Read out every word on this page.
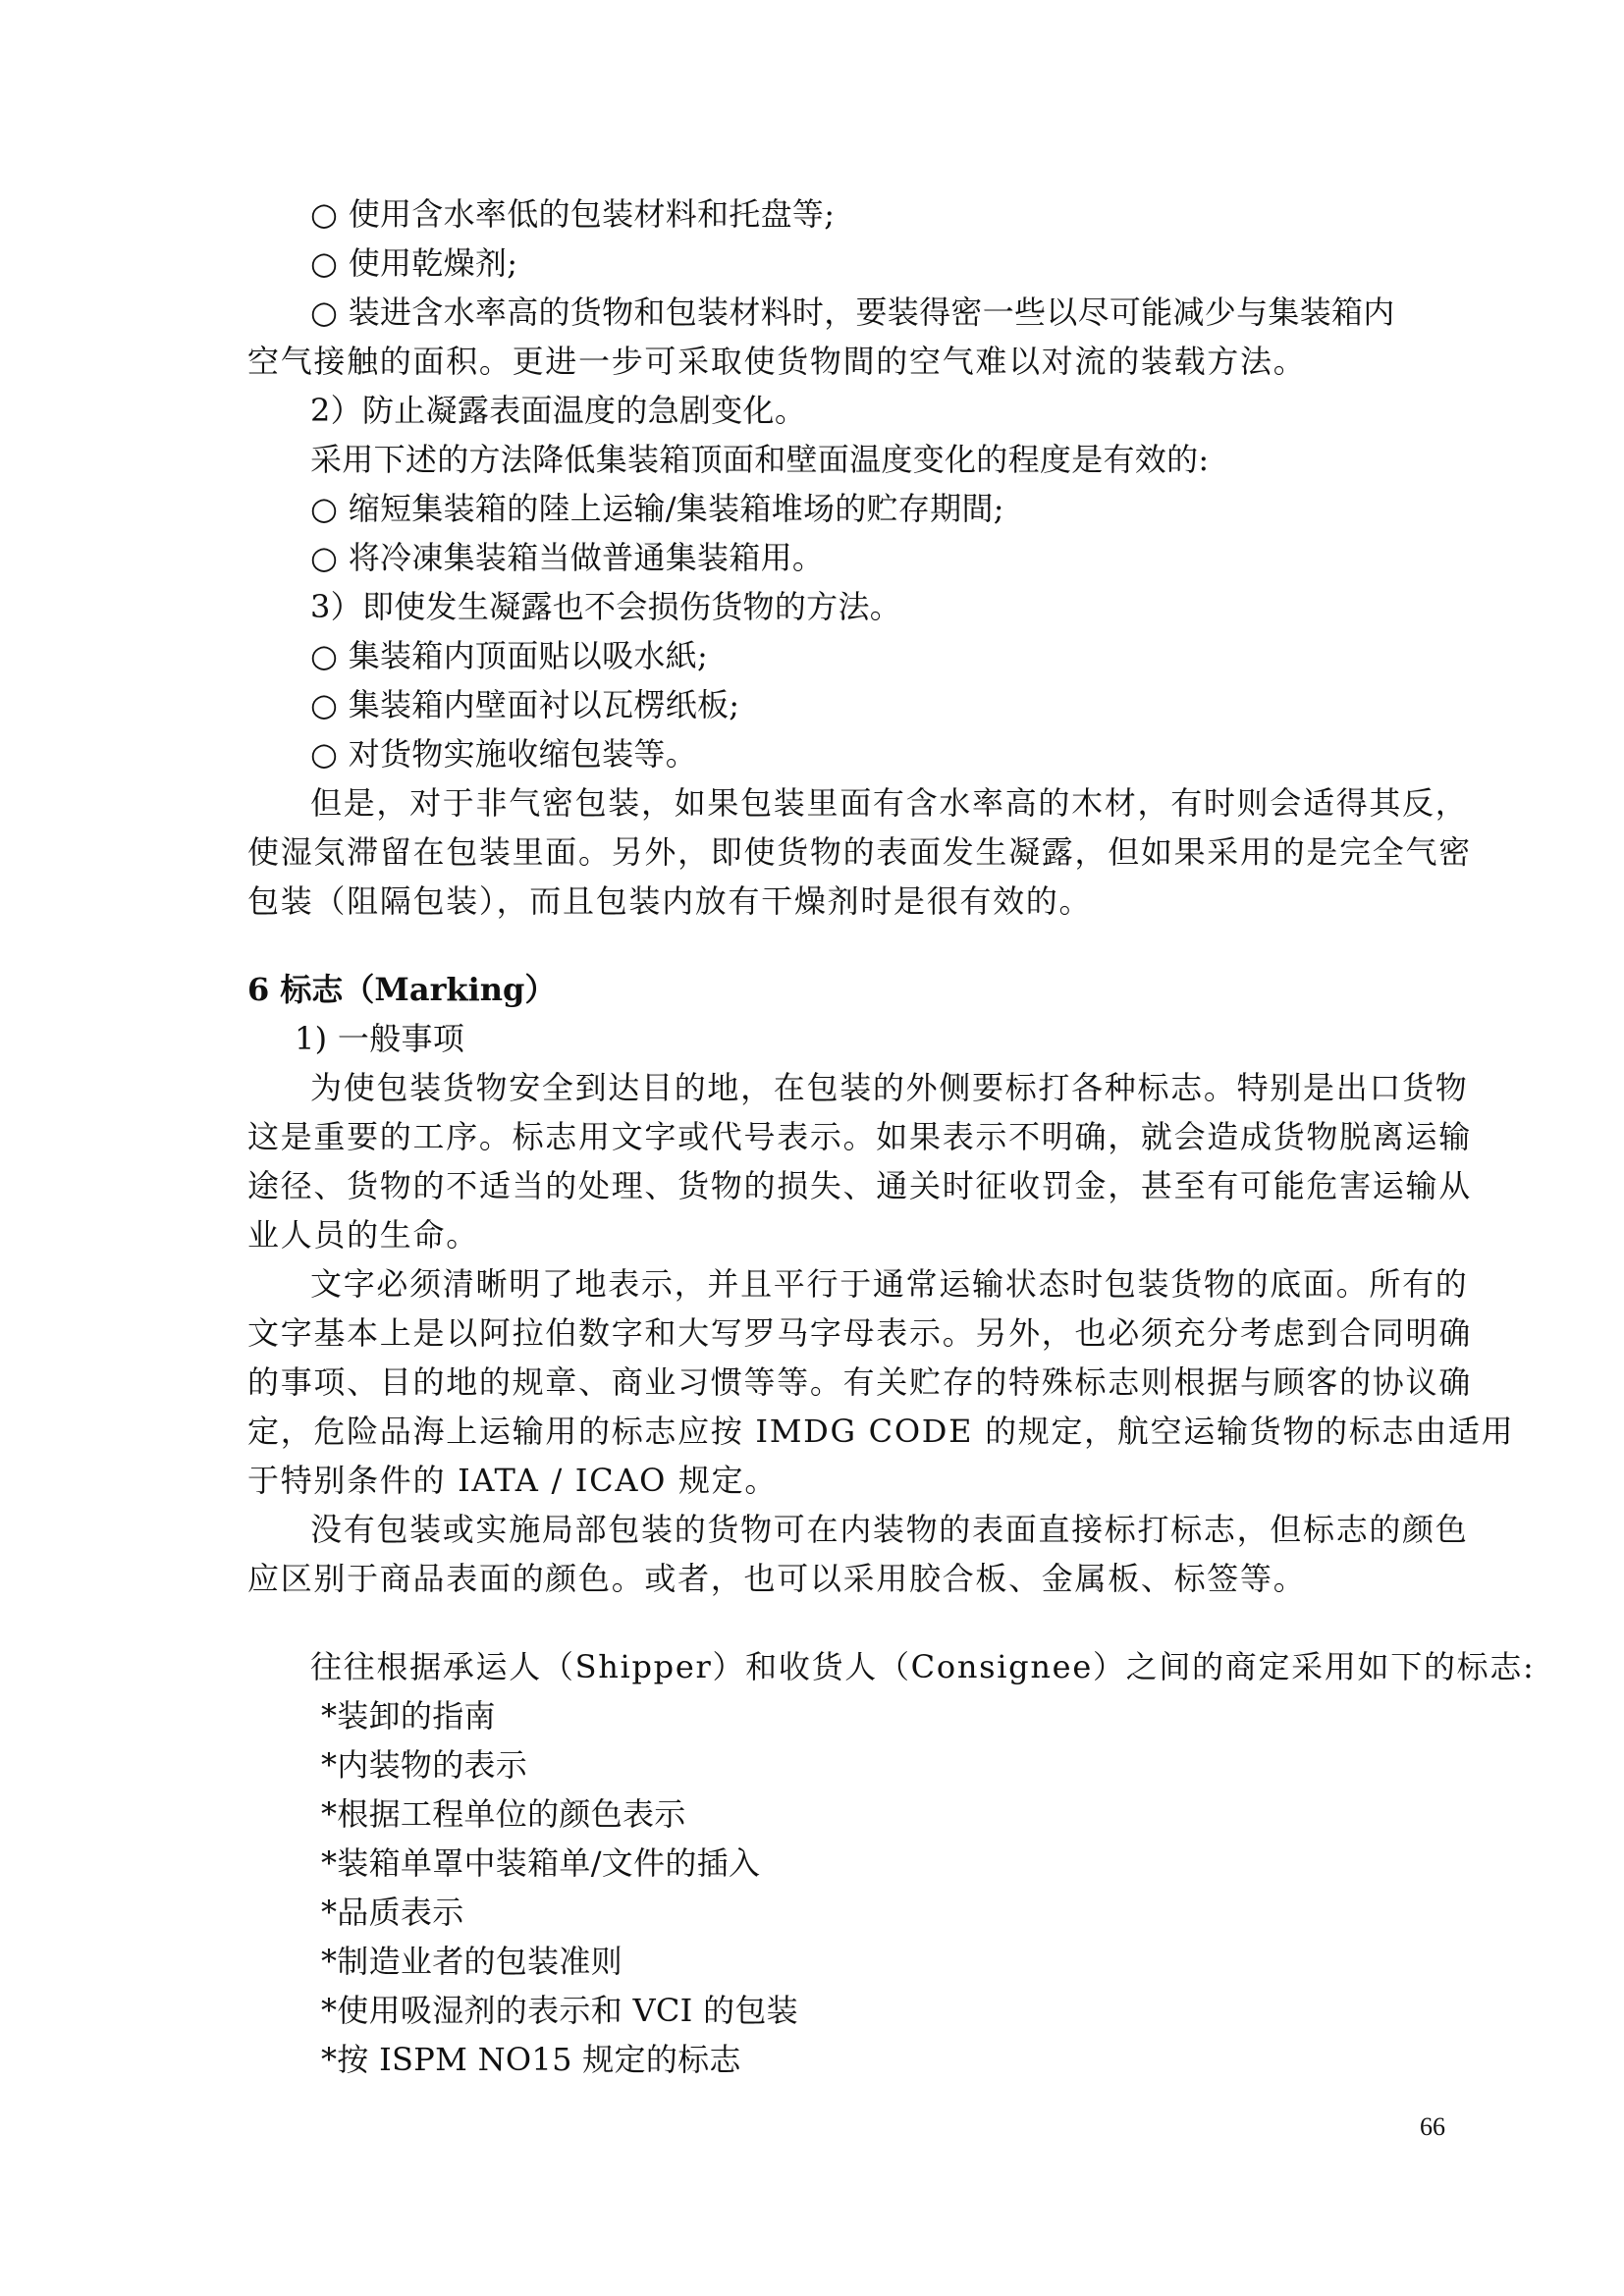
○ 使用含水率低的包装材料和托盘等;
○ 使用乾燥剂;
○ 装进含水率高的货物和包装材料时，要装得密一些以尽可能减少与集装箱内
空气接触的面积。更进一步可采取使货物間的空气难以对流的装载方法。
2）防止凝露表面温度的急剧变化。
采用下述的方法降低集装箱顶面和壁面温度变化的程度是有效的:
○ 缩短集装箱的陸上运输/集装箱堆场的贮存期間;
○ 将冷凍集装箱当做普通集装箱用。
3）即使发生凝露也不会损伤货物的方法。
○ 集装箱内顶面贴以吸水紙;
○ 集装箱内壁面衬以瓦楞纸板;
○ 对货物实施收缩包装等。
但是，对于非气密包装，如果包装里面有含水率高的木材，有时则会适得其反，
使湿気滞留在包装里面。另外，即使货物的表面发生凝露，但如果采用的是完全气密
包装（阻隔包装），而且包装内放有干燥剂时是很有效的。
6 标志（Marking）
1) 一般事项
为使包装货物安全到达目的地，在包装的外侧要标打各种标志。特别是出口货物
这是重要的工序。标志用文字或代号表示。如果表示不明确，就会造成货物脱离运输
途径、货物的不适当的处理、货物的损失、通关时征收罚金，甚至有可能危害运输从
业人员的生命。
文字必须清晰明了地表示，并且平行于通常运输状态时包装货物的底面。所有的
文字基本上是以阿拉伯数字和大写罗马字母表示。另外，也必须充分考虑到合同明确
的事项、目的地的规章、商业习惯等等。有关贮存的特殊标志则根据与顾客的协议确
定，危险品海上运输用的标志应按 IMDG CODE 的规定，航空运输货物的标志由适用
于特别条件的 IATA / ICAO 规定。
没有包装或实施局部包装的货物可在内装物的表面直接标打标志，但标志的颜色
应区别于商品表面的颜色。或者，也可以采用胶合板、金属板、标签等。
往往根据承运人（Shipper）和收货人（Consignee）之间的商定采用如下的标志:
*装卸的指南
*内装物的表示
*根据工程单位的颜色表示
*装箱单罩中装箱单/文件的插入
*品质表示
*制造业者的包装准则
*使用吸湿剂的表示和 VCI 的包装
*按 ISPM NO15 规定的标志
66
